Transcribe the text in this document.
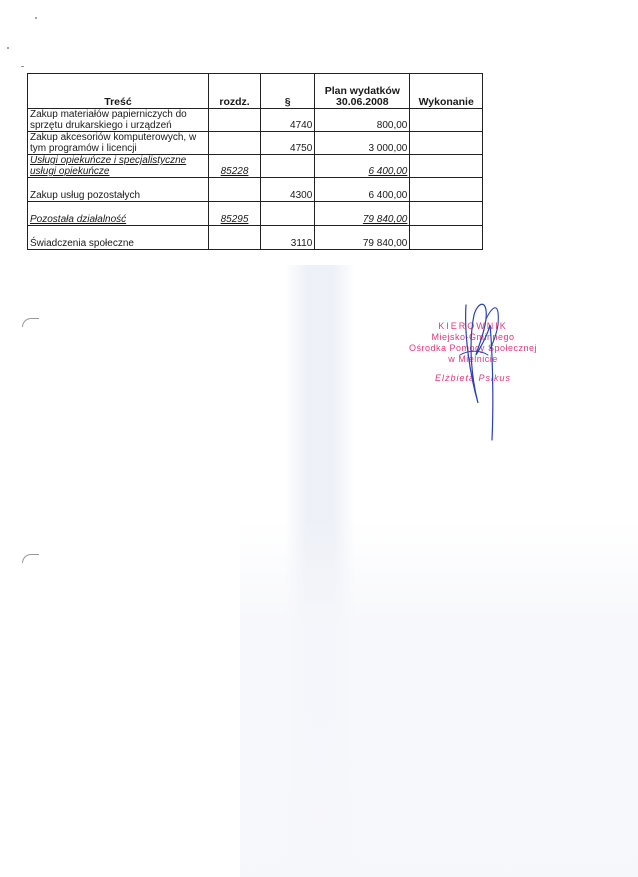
Treść	rozdz.	§	Plan wydatków
30.06.2008	Wykonanie

Zakup materiałów papierniczych do
sprzętu drukarskiego i urządzeń		4740	800,00	

Zakup akcesoriów komputerowych, w
tym programów i licencji		4750	3 000,00	

Usługi opiekuńcze i specjalistyczne
usługi opiekuńcze	85228		6 400,00	
Zakup usług pozostałych		4300	6 400,00	
Pozostała działalność	85295		79 840,00	
Świadczenia społeczne		3110	79 840,00	
KIEROWNIK
Miejsko-Gminnego
Ośrodka Pomocy Społecznej
w Mielnicie
Elżbieta Psikus
